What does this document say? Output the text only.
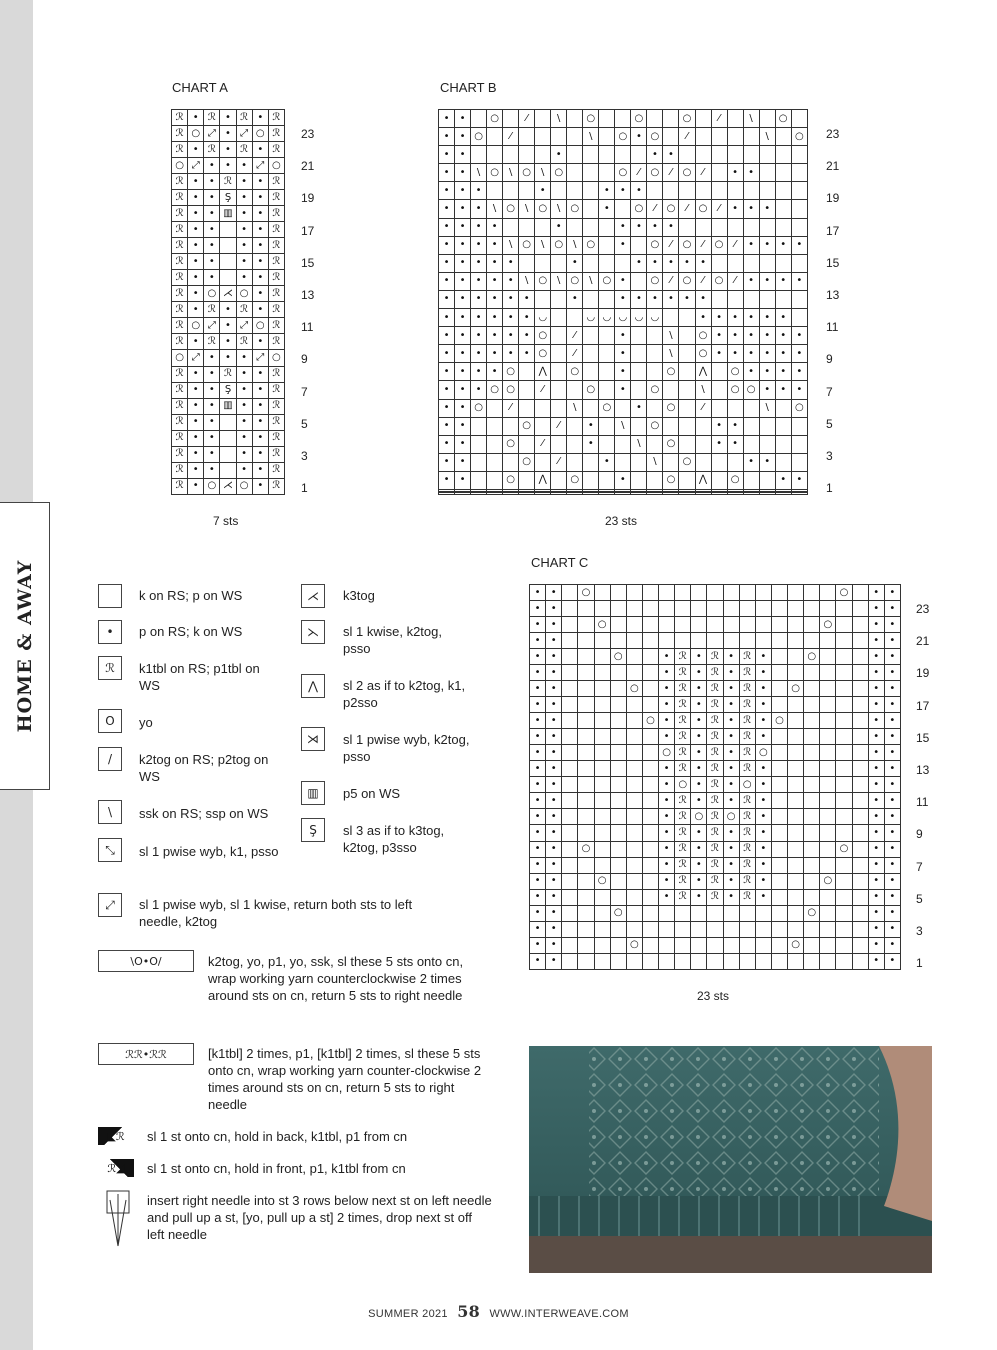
HOME & AWAY
CHART A
ℛ	•	ℛ	•	ℛ	•	ℛ
ℛ	○	⤢	•	⤢	○	ℛ
ℛ	•	ℛ	•	ℛ	•	ℛ
○	⤢	•	•	•	⤢	○
ℛ	•	•	ℛ	•	•	ℛ
ℛ	•	•	Ş	•	•	ℛ
ℛ	•	•	▥	•	•	ℛ
ℛ	•	•		•	•	ℛ
ℛ	•	•		•	•	ℛ
ℛ	•	•		•	•	ℛ
ℛ	•	•		•	•	ℛ
ℛ	•	○	⋌	○	•	ℛ
ℛ	•	ℛ	•	ℛ	•	ℛ
ℛ	○	⤢	•	⤢	○	ℛ
ℛ	•	ℛ	•	ℛ	•	ℛ
○	⤢	•	•	•	⤢	○
ℛ	•	•	ℛ	•	•	ℛ
ℛ	•	•	Ş	•	•	ℛ
ℛ	•	•	▥	•	•	ℛ
ℛ	•	•		•	•	ℛ
ℛ	•	•		•	•	ℛ
ℛ	•	•		•	•	ℛ
ℛ	•	•		•	•	ℛ
ℛ	•	○	⋌	○	•	ℛ
23
21
19
17
15
13
11
9
7
5
3
1
7 sts
CHART B
•	•		○		⁄		\		○			○			○		⁄		\		○	
•	•	○		⁄					\		○	•	○		⁄					\		○
•	•						•						•	•								
•	•	\	○	\	○	\	○				○	⁄	○	⁄	○	⁄		•	•			
•	•	•				•				•	•	•										
•	•	•	\	○	\	○	\	○		•		○	⁄	○	⁄	○	⁄	•	•	•		
•	•	•	•				•				•	•	•	•								
•	•	•	•	\	○	\	○	\	○		•		○	⁄	○	⁄	○	⁄	•	•	•	•
•	•	•	•	•				•				•	•	•	•	•						
•	•	•	•	•	\	○	\	○	\	○	•		○	⁄	○	⁄	○	⁄	•	•	•	•
•	•	•	•	•	•			•			•	•	•	•	•	•						
•	•	•	•	•	•	◡			◡	◡	◡	◡	◡			•	•	•	•	•	•	
•	•	•	•	•	•	○		⁄			•			\		○	•	•	•	•	•	•
•	•	•	•	•	•	○		⁄			•			\		○	•	•	•	•	•	•
•	•	•	•	○		⋀		○			•			○		⋀		○	•	•	•	•
•	•	•	○	○		⁄			○		•		○			\		○	○	•	•	•
•	•	○		⁄				\		○		•		○		⁄				\		○
•	•				○		⁄		•		\		○				•	•				
•	•			○		⁄			•			\		○			•	•				
•	•				○		⁄			•			\		○				•	•		
•	•			○		⋀		○			•			○		⋀		○			•	•

23
21
19
17
15
13
11
9
7
5
3
1
23 sts
CHART C
•	•		○																○		•	•
•	•																				•	•
•	•			○														○			•	•
•	•																				•	•
•	•				○			•	ℛ	•	ℛ	•	ℛ	•			○				•	•
•	•							•	ℛ	•	ℛ	•	ℛ	•							•	•
•	•					○		•	ℛ	•	ℛ	•	ℛ	•		○					•	•
•	•							•	ℛ	•	ℛ	•	ℛ	•							•	•
•	•						○	•	ℛ	•	ℛ	•	ℛ	•	○						•	•
•	•							•	ℛ	•	ℛ	•	ℛ	•							•	•
•	•							○	ℛ	•	ℛ	•	ℛ	○							•	•
•	•							•	ℛ	•	ℛ	•	ℛ	•							•	•
•	•							•	○	•	ℛ	•	○	•							•	•
•	•							•	ℛ	•	ℛ	•	ℛ	•							•	•
•	•							•	ℛ	○	ℛ	○	ℛ	•							•	•
•	•							•	ℛ	•	ℛ	•	ℛ	•							•	•
•	•		○					•	ℛ	•	ℛ	•	ℛ	•					○		•	•
•	•							•	ℛ	•	ℛ	•	ℛ	•							•	•
•	•			○				•	ℛ	•	ℛ	•	ℛ	•				○			•	•
•	•							•	ℛ	•	ℛ	•	ℛ	•							•	•
•	•				○												○				•	•
•	•																				•	•
•	•					○										○					•	•
•	•																				•	•
23
21
19
17
15
13
11
9
7
5
3
1
23 sts
k on RS; p on WS
• p on RS; k on WS
ℛ k1tbl on RS; p1tbl on WS
O yo
/ k2tog on RS; p2tog on WS
\ ssk on RS; ssp on WS
⤡ sl 1 pwise wyb, k1, psso
⤢ sl 1 pwise wyb, sl 1 kwise, return both sts to left needle, k2tog
⋌ k3tog
⋋ sl 1 kwise, k2tog, psso
⋀ sl 2 as if to k2tog, k1, p2sso
⋊ sl 1 pwise wyb, k2tog, psso
▥ p5 on WS
Ş sl 3 as if to k3tog, k2tog, p3sso
\O•O/	k2tog, yo, p1, yo, ssk, sl these 5 sts onto cn, wrap working yarn counterclockwise 2 times around sts on cn, return 5 sts to right needle
ℛℛ•ℛℛ	[k1tbl] 2 times, p1, [k1tbl] 2 times, sl these 5 sts onto cn, wrap working yarn counter-clockwise 2 times around sts on cn, return 5 sts to right needle
◣ℛ sl 1 st onto cn, hold in back, k1tbl, p1 from cn
ℛ◢ sl 1 st onto cn, hold in front, p1, k1tbl from cn
insert right needle into st 3 rows below next st on left needle and pull up a st, [yo, pull up a st] 2 times, drop next st off left needle
SUMMER 2021 58 WWW.INTERWEAVE.COM
